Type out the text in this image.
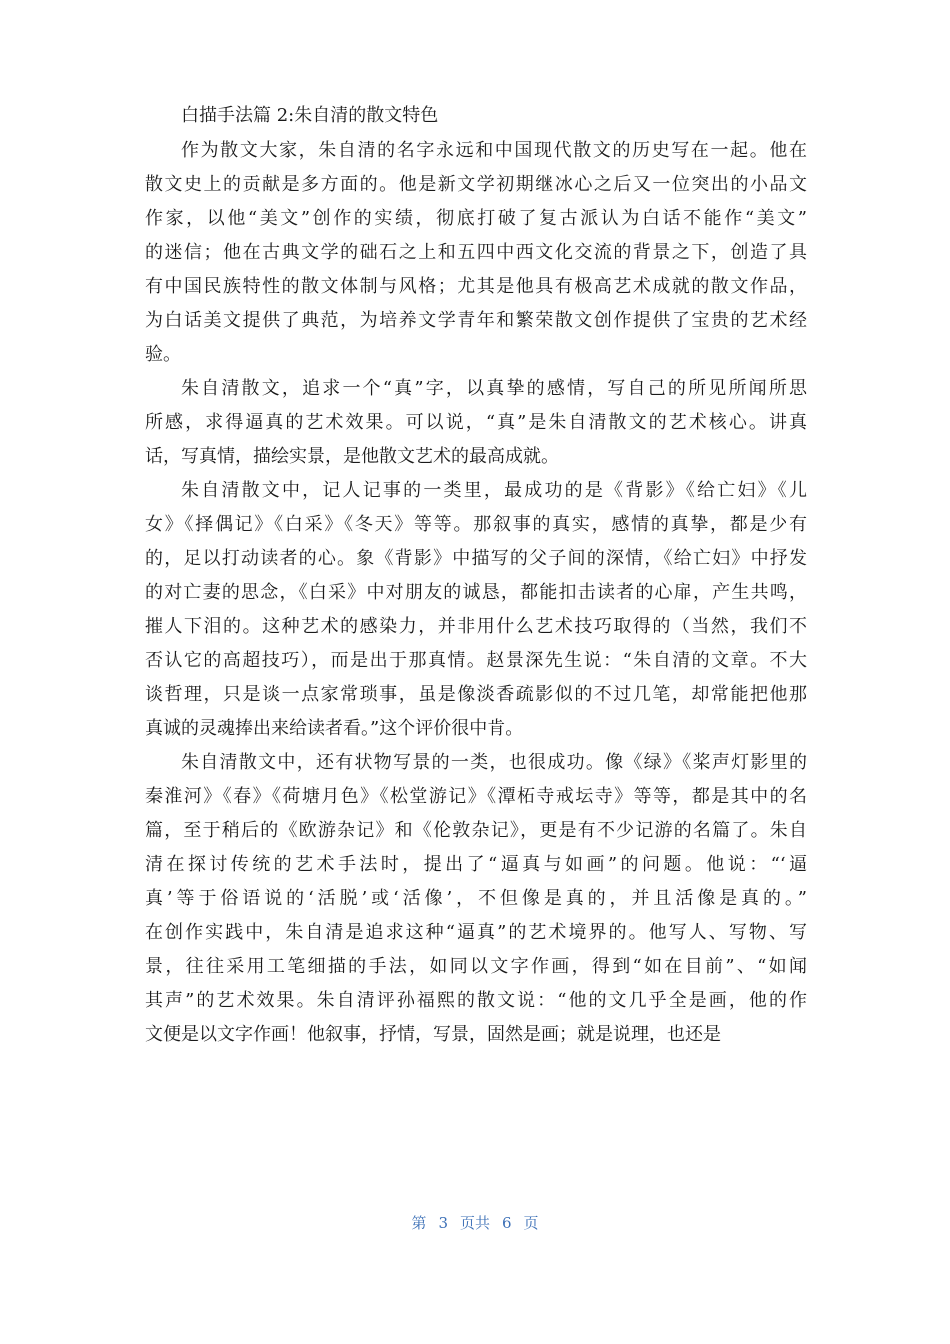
白描手法篇 2:朱自清的散文特色
作为散文大家，朱自清的名字永远和中国现代散文的历史写在一起。他在
散文史上的贡献是多方面的。他是新文学初期继冰心之后又一位突出的小品文
作家，以他“美文”创作的实绩，彻底打破了复古派认为白话不能作“美文”
的迷信；他在古典文学的础石之上和五四中西文化交流的背景之下，创造了具
有中国民族特性的散文体制与风格；尤其是他具有极高艺术成就的散文作品，
为白话美文提供了典范，为培养文学青年和繁荣散文创作提供了宝贵的艺术经
验。
朱自清散文，追求一个“真”字，以真挚的感情，写自己的所见所闻所思
所感，求得逼真的艺术效果。可以说，“真”是朱自清散文的艺术核心。讲真
话，写真情，描绘实景，是他散文艺术的最高成就。
朱自清散文中，记人记事的一类里，最成功的是《背影》《给亡妇》《儿
女》《择偶记》《白采》《冬天》等等。那叙事的真实，感情的真挚，都是少有
的，足以打动读者的心。象《背影》中描写的父子间的深情，《给亡妇》中抒发
的对亡妻的思念，《白采》中对朋友的诚恳，都能扣击读者的心扉，产生共鸣，
摧人下泪的。这种艺术的感染力，并非用什么艺术技巧取得的（当然，我们不
否认它的高超技巧），而是出于那真情。赵景深先生说：“朱自清的文章。不大
谈哲理，只是谈一点家常琐事，虽是像淡香疏影似的不过几笔，却常能把他那
真诚的灵魂捧出来给读者看。”这个评价很中肯。
朱自清散文中，还有状物写景的一类，也很成功。像《绿》《桨声灯影里的
秦淮河》《春》《荷塘月色》《松堂游记》《潭柘寺戒坛寺》等等，都是其中的名
篇，至于稍后的《欧游杂记》和《伦敦杂记》，更是有不少记游的名篇了。朱自
清在探讨传统的艺术手法时，提出了“逼真与如画”的问题。他说：“‘逼
真’等于俗语说的‘活脱’或‘活像’，不但像是真的，并且活像是真的。”
在创作实践中，朱自清是追求这种“逼真”的艺术境界的。他写人、写物、写
景，往往采用工笔细描的手法，如同以文字作画，得到“如在目前”、“如闻
其声”的艺术效果。朱自清评孙福熙的散文说：“他的文几乎全是画，他的作
文便是以文字作画！他叙事，抒情，写景，固然是画；就是说理，也还是
第 3 页共 6 页
